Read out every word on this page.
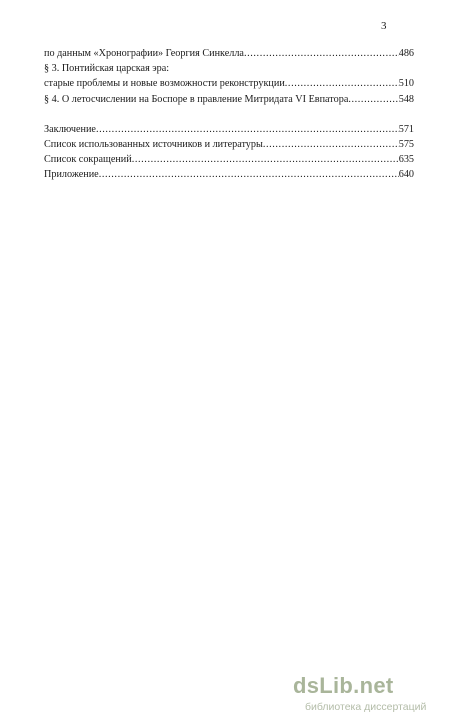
3
по данным «Хронографии» Георгия Синкелла .....	486
§ 3. Понтийская царская эра:
старые проблемы и новые возможности реконструкции .....	510
§ 4. О летосчислении на Боспоре в правление Митридата VI Евпатора .....	548
Заключение .....	571
Список использованных источников и литературы .....	575
Список сокращений .....	635
Приложение .....	640
dsLib.net
библиотека диссертаций
